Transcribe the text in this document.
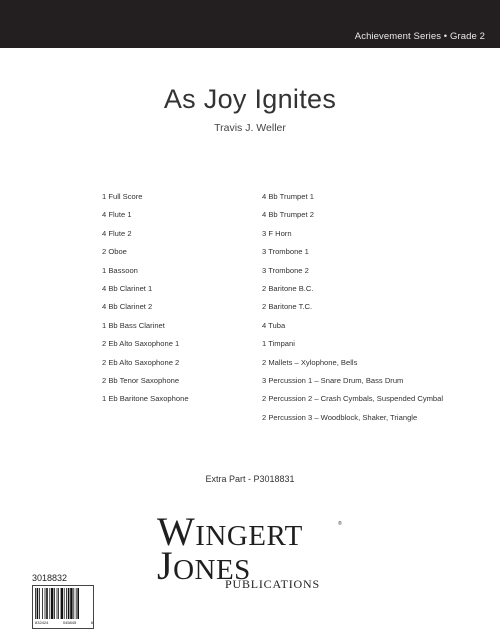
Achievement Series • Grade 2
As Joy Ignites
Travis J. Weller
1 Full Score
4 Flute 1
4 Flute 2
2 Oboe
1 Bassoon
4 Bb Clarinet 1
4 Bb Clarinet 2
1 Bb Bass Clarinet
2 Eb Alto Saxophone 1
2 Eb Alto Saxophone 2
2 Bb Tenor Saxophone
1 Eb Baritone Saxophone
4 Bb Trumpet 1
4 Bb Trumpet 2
3 F Horn
3 Trombone 1
3 Trombone 2
2 Baritone B.C.
2 Baritone T.C.
4 Tuba
1 Timpani
2 Mallets – Xylophone, Bells
3 Percussion 1 – Snare Drum, Bass Drum
2 Percussion 2 – Crash Cymbals, Suspended Cymbal
2 Percussion 3 – Woodblock, Shaker, Triangle
Extra Part - P3018831
WINGERT	®
JONES
PUBLICATIONS
3018832
832424	045845	8
